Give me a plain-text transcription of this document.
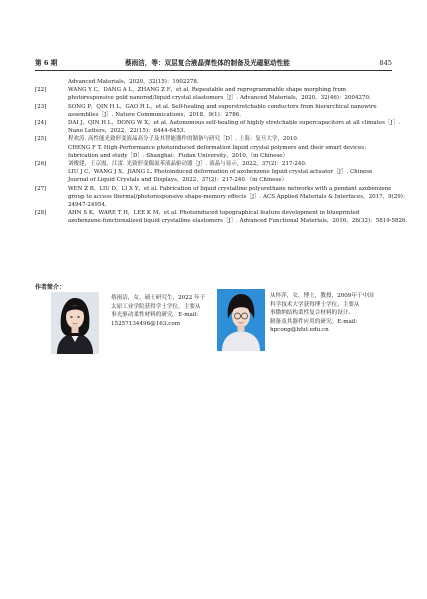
第 6 期	蔡雨洁，等：双层复合液晶弹性体的制备及光磁驱动性能	845
Advanced Materials，2020，32(15)：1902278.
[22]	WANG Y C，DANG A L，ZHANG Z F，et al. Repeatable and reprogrammable shape morphing from
photoresponsive gold nanorod/liquid crystal elastomers［J］. Advanced Materials，2020，32(46)：2004270.
[23]	SONG P，QIN H L，GAO H L，et al. Self-healing and superstretchable conductors from hierarchical nanowire
assemblies［J］. Nature Communications，2018，9(1)：2786.
[24]	DAI J，QIN H L，DONG W X，et al. Autonomous self-healing of highly stretchable supercapacitors at all climates［J］.
Nano Letters，2022，22(15)：6444-6453.
[25]	程欢涛. 高性能光致形变液晶高分子及其智能器件的制备与研究［D］. 上海：复旦大学，2010.
CHENG F T. High-Performance photoinduced deformation liquid crystal polymers and their smart devices：
fabrication and study［D］. Shanghai：Fudan University，2010.（in Chinese）
[26]	刘俊建，王京霞，江雷. 光致形变偶氮苯液晶驱动器［J］. 液晶与显示，2022，37(2)：217-240.
LIU J C，WANG J X，JIANG L. Photoinduced deformation of azobenzene liquid crystal actuator［J］. Chinese
Journal of Liquid Crystals and Displays，2022，37(2)：217-240.（in Chinese）
[27]	WEN Z B，LIU D，LI X Y，et al. Fabrication of liquid crystalline polyurethane networks with a pendant azobenzene
group to access thermal/photoresponsive shape-memory effects［J］. ACS Applied Materials & Interfaces，2017，9(29)：
24947-24954.
[28]	AHN S K，WARE T H，LEE K M，et al. Photoinduced topographical feature development in blueprinted
azobenzene-functionalized liquid crystalline elastomers［J］. Advanced Functional Materials，2016，26(32)：5819-5826.
作者简介：
蔡雨洁，女，硕士研究生，2022 年于
太原工业学院获得学士学位，主要从
事光驱动柔性材料的研究。E-mail：
15257134496@163.com
从怀萍，女，博士，教授，2009年于中国
科学技术大学获得博士学位，主要从
事微纳结构柔性复合材料的设计、
制备及其器件应用的研究。E-mail：
hpcong@hfut.edu.cn
